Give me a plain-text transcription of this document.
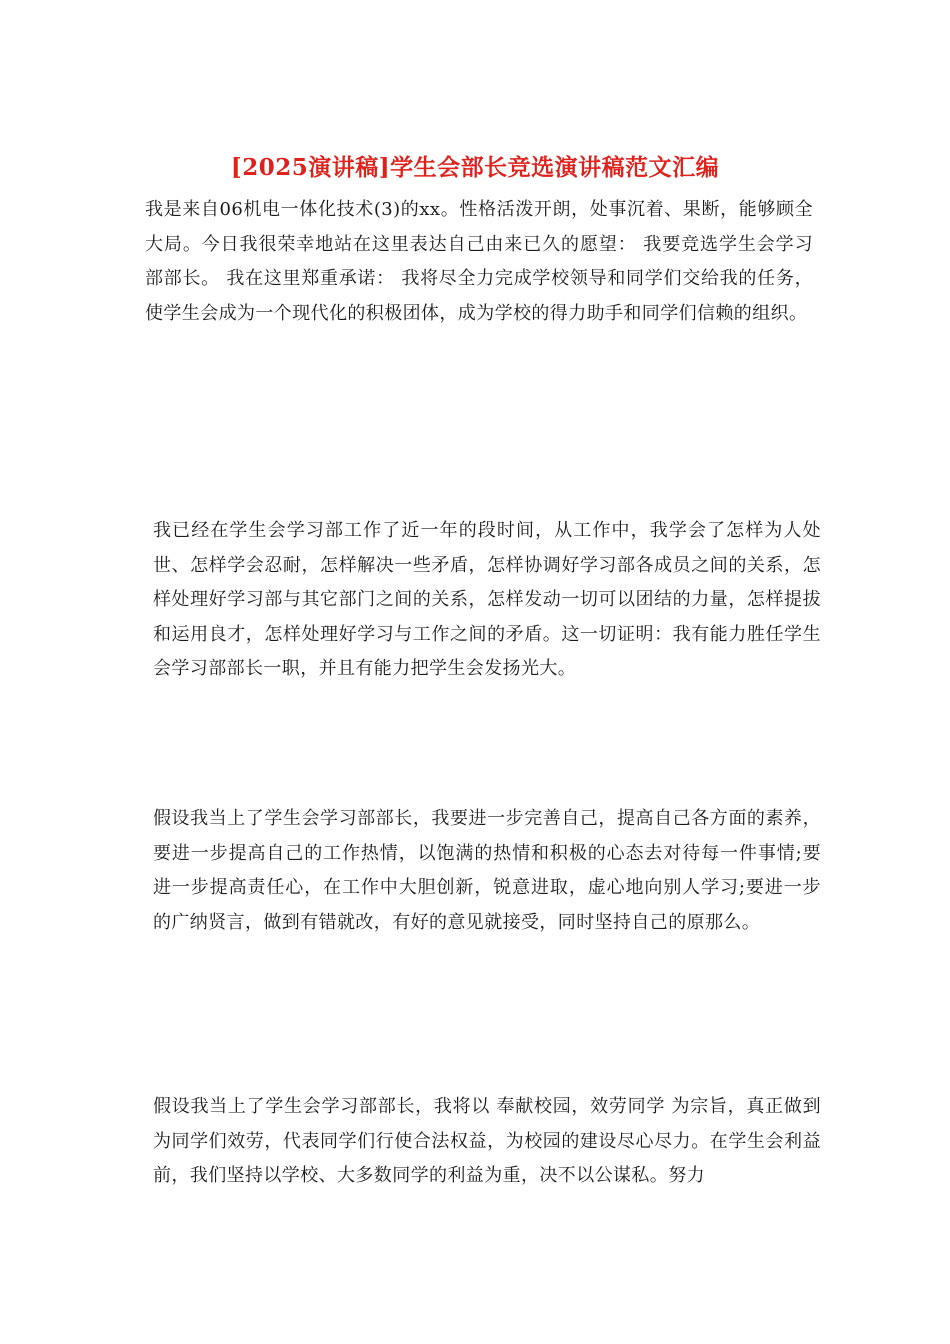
[2025演讲稿]学生会部长竞选演讲稿范文汇编

我是来自06机电一体化技术(3)的xx。性格活泼开朗，处事沉着、果断，能够顾全大局。今日我很荣幸地站在这里表达自己由来已久的愿望： 我要竞选学生会学习部部长。 我在这里郑重承诺： 我将尽全力完成学校领导和同学们交给我的任务，使学生会成为一个现代化的积极团体，成为学校的得力助手和同学们信赖的组织。

我已经在学生会学习部工作了近一年的段时间，从工作中，我学会了怎样为人处世、怎样学会忍耐，怎样解决一些矛盾，怎样协调好学习部各成员之间的关系，怎样处理好学习部与其它部门之间的关系，怎样发动一切可以团结的力量，怎样提拔和运用良才，怎样处理好学习与工作之间的矛盾。这一切证明：我有能力胜任学生会学习部部长一职，并且有能力把学生会发扬光大。

假设我当上了学生会学习部部长，我要进一步完善自己，提高自己各方面的素养，要进一步提高自己的工作热情，以饱满的热情和积极的心态去对待每一件事情;要进一步提高责任心，在工作中大胆创新，锐意进取，虚心地向别人学习;要进一步的广纳贤言，做到有错就改，有好的意见就接受，同时坚持自己的原那么。

假设我当上了学生会学习部部长，我将以 奉献校园，效劳同学 为宗旨，真正做到为同学们效劳，代表同学们行使合法权益，为校园的建设尽心尽力。在学生会利益前，我们坚持以学校、大多数同学的利益为重，决不以公谋私。努力
